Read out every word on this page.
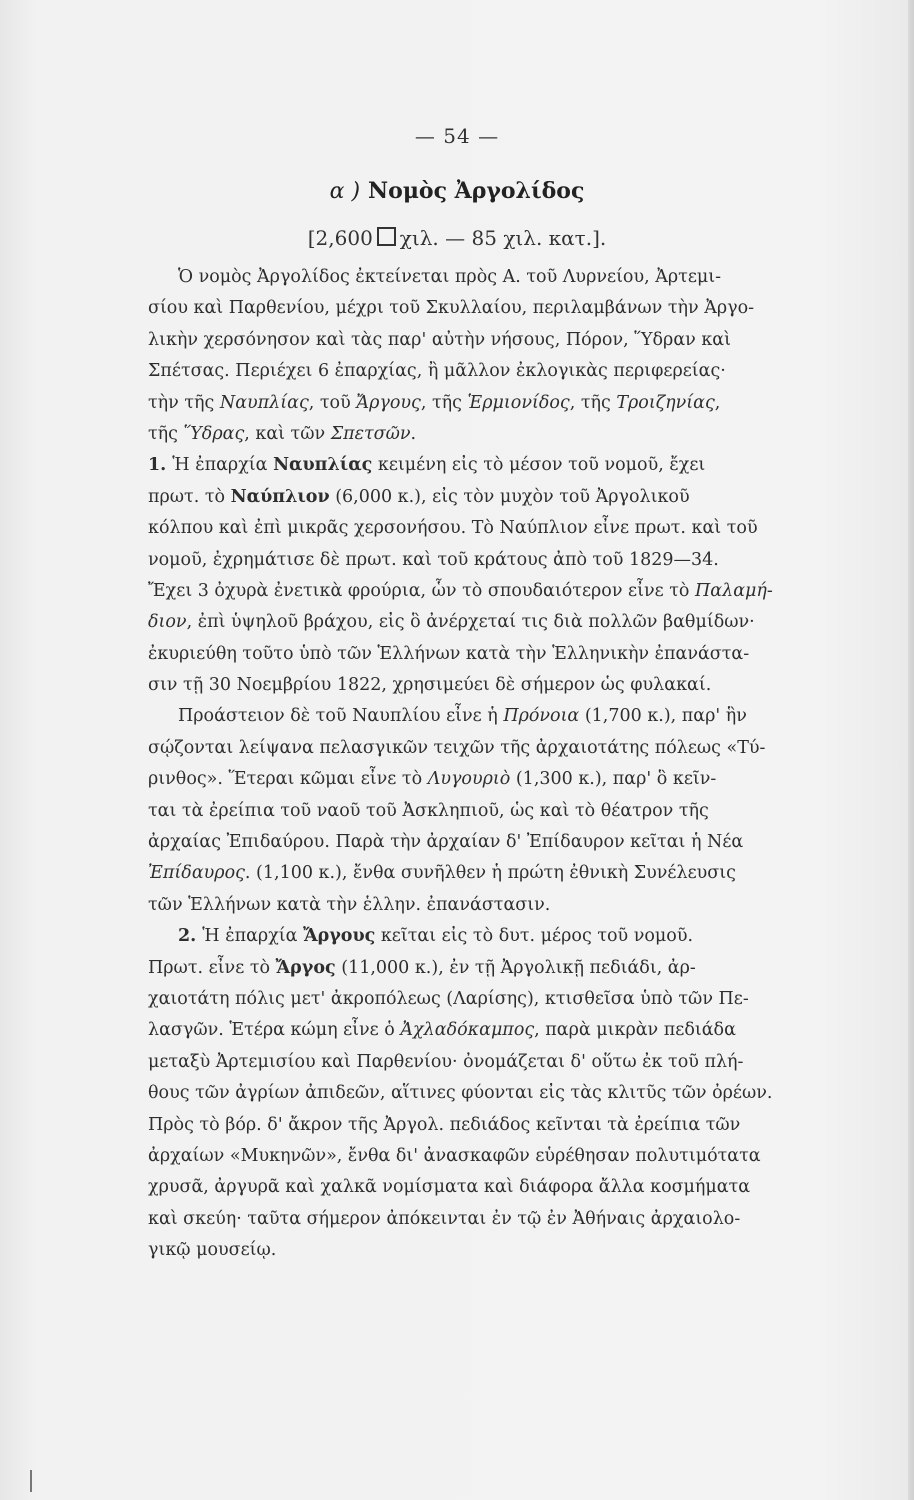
— 54 —
α ) Νομὸς Ἀργολίδος
[2,600 χιλ. — 85 χιλ. κατ.].
Ὁ νομὸς Ἀργολίδος ἐκτείνεται πρὸς Α. τοῦ Λυρνείου, Ἀρτεμι-
σίου καὶ Παρθενίου, μέχρι τοῦ Σκυλλαίου, περιλαμβάνων τὴν Ἀργο-
λικὴν χερσόνησον καὶ τὰς παρ' αὐτὴν νήσους, Πόρον, Ὕδραν καὶ
Σπέτσας. Περιέχει 6 ἐπαρχίας, ἢ μᾶλλον ἐκλογικὰς περιφερείας·
τὴν τῆς Ναυπλίας, τοῦ Ἄργους, τῆς Ἑρμιονίδος, τῆς Τροιζηνίας,
τῆς Ὕδρας, καὶ τῶν Σπετσῶν.
1. Ἡ ἐπαρχία Ναυπλίας κειμένη εἰς τὸ μέσον τοῦ νομοῦ, ἔχει
πρωτ. τὸ Ναύπλιον (6,000 κ.), εἰς τὸν μυχὸν τοῦ Ἀργολικοῦ
κόλπου καὶ ἐπὶ μικρᾶς χερσονήσου. Τὸ Ναύπλιον εἶνε πρωτ. καὶ τοῦ
νομοῦ, ἐχρημάτισε δὲ πρωτ. καὶ τοῦ κράτους ἀπὸ τοῦ 1829—34.
Ἔχει 3 ὀχυρὰ ἐνετικὰ φρούρια, ὧν τὸ σπουδαιότερον εἶνε τὸ Παλαμή-
διον, ἐπὶ ὑψηλοῦ βράχου, εἰς ὃ ἀνέρχεταί τις διὰ πολλῶν βαθμίδων·
ἐκυριεύθη τοῦτο ὑπὸ τῶν Ἑλλήνων κατὰ τὴν Ἑλληνικὴν ἐπανάστα-
σιν τῇ 30 Νοεμβρίου 1822, χρησιμεύει δὲ σήμερον ὡς φυλακαί.
Προάστειον δὲ τοῦ Ναυπλίου εἶνε ἡ Πρόνοια (1,700 κ.), παρ' ἣν
σῴζονται λείψανα πελασγικῶν τειχῶν τῆς ἀρχαιοτάτης πόλεως «Τύ-
ρινθος». Ἕτεραι κῶμαι εἶνε τὸ Λυγουριὸ (1,300 κ.), παρ' ὃ κεῖν-
ται τὰ ἐρείπια τοῦ ναοῦ τοῦ Ἀσκληπιοῦ, ὡς καὶ τὸ θέατρον τῆς
ἀρχαίας Ἐπιδαύρου. Παρὰ τὴν ἀρχαίαν δ' Ἐπίδαυρον κεῖται ἡ Νέα
Ἐπίδαυρος. (1,100 κ.), ἔνθα συνῆλθεν ἡ πρώτη ἐθνικὴ Συνέλευσις
τῶν Ἑλλήνων κατὰ τὴν ἑλλην. ἐπανάστασιν.
2. Ἡ ἐπαρχία Ἄργους κεῖται εἰς τὸ δυτ. μέρος τοῦ νομοῦ.
Πρωτ. εἶνε τὸ Ἄργος (11,000 κ.), ἐν τῇ Ἀργολικῇ πεδιάδι, ἀρ-
χαιοτάτη πόλις μετ' ἀκροπόλεως (Λαρίσης), κτισθεῖσα ὑπὸ τῶν Πε-
λασγῶν. Ἑτέρα κώμη εἶνε ὁ Ἀχλαδόκαμπος, παρὰ μικρὰν πεδιάδα
μεταξὺ Ἀρτεμισίου καὶ Παρθενίου· ὀνομάζεται δ' οὕτω ἐκ τοῦ πλή-
θους τῶν ἀγρίων ἀπιδεῶν, αἵτινες φύονται εἰς τὰς κλιτῦς τῶν ὀρέων.
Πρὸς τὸ βόρ. δ' ἄκρον τῆς Ἀργολ. πεδιάδος κεῖνται τὰ ἐρείπια τῶν
ἀρχαίων «Μυκηνῶν», ἔνθα δι' ἀνασκαφῶν εὑρέθησαν πολυτιμότατα
χρυσᾶ, ἀργυρᾶ καὶ χαλκᾶ νομίσματα καὶ διάφορα ἄλλα κοσμήματα
καὶ σκεύη· ταῦτα σήμερον ἀπόκεινται ἐν τῷ ἐν Ἀθήναις ἀρχαιολο-
γικῷ μουσείῳ.
